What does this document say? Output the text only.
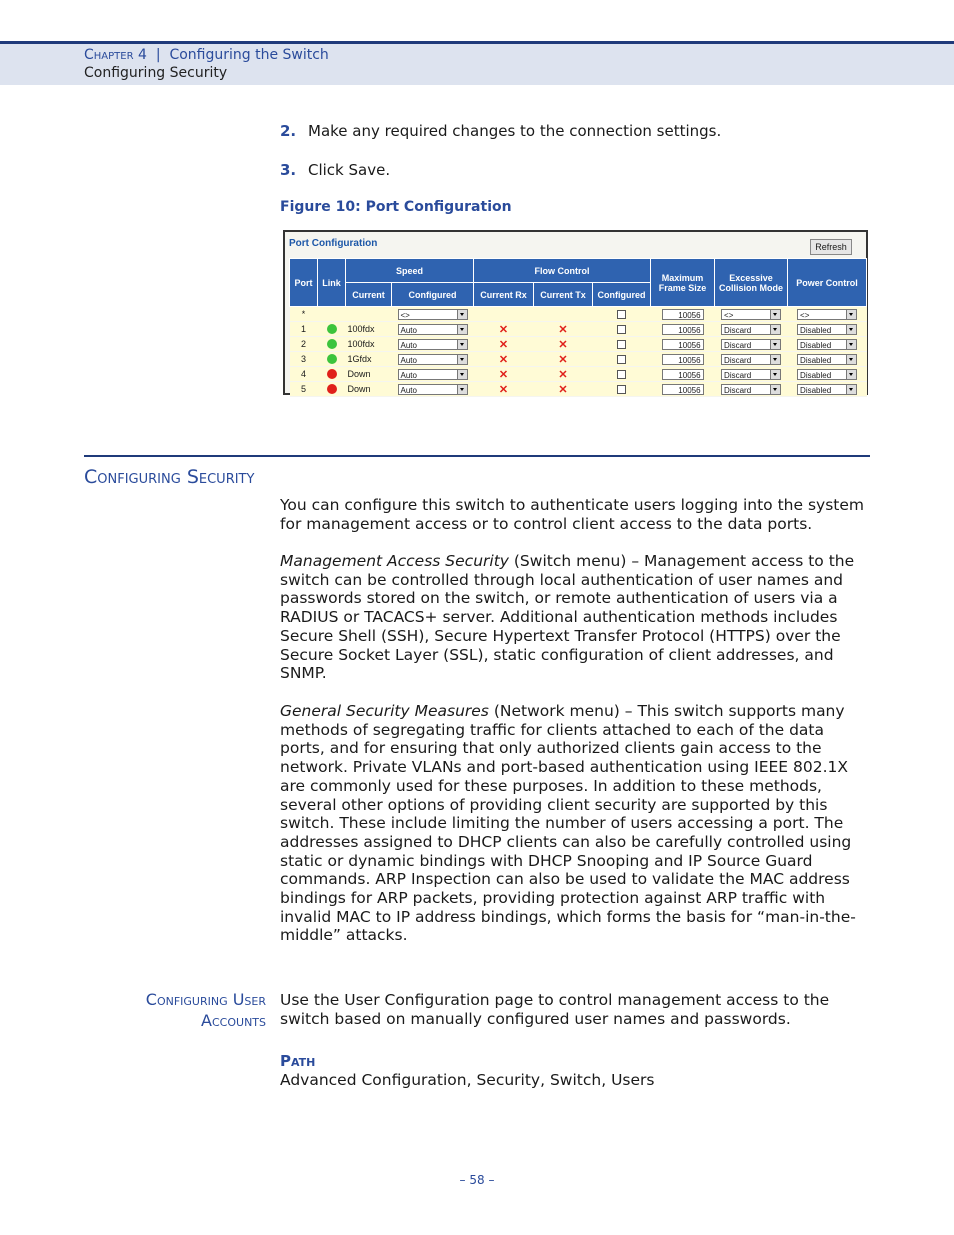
Chapter 4 | Configuring the Switch
Configuring Security
2. Make any required changes to the connection settings.
3. Click Save.
Figure 10: Port Configuration
Port Configuration	Refresh
Port	Link	Speed		Flow Control			Maximum Frame Size	Excessive Collision Mode	Power Control
		Current	Configured	Current Rx	Current Tx	Configured			
*			<>				10056	<>	<>

1		100fdx	Auto	✕	✕		10056	Discard	Disabled

2		100fdx	Auto	✕	✕		10056	Discard	Disabled

3		1Gfdx	Auto	✕	✕		10056	Discard	Disabled

4		Down	Auto	✕	✕		10056	Discard	Disabled

5		Down	Auto	✕	✕		10056	Discard	Disabled
Configuring Security
You can configure this switch to authenticate users logging into the system for management access or to control client access to the data ports.
Management Access Security (Switch menu) – Management access to the switch can be controlled through local authentication of user names and passwords stored on the switch, or remote authentication of users via a RADIUS or TACACS+ server. Additional authentication methods includes Secure Shell (SSH), Secure Hypertext Transfer Protocol (HTTPS) over the Secure Socket Layer (SSL), static configuration of client addresses, and SNMP.
General Security Measures (Network menu) – This switch supports many methods of segregating traffic for clients attached to each of the data ports, and for ensuring that only authorized clients gain access to the network. Private VLANs and port-based authentication using IEEE 802.1X are commonly used for these purposes. In addition to these methods, several other options of providing client security are supported by this switch. These include limiting the number of users accessing a port. The addresses assigned to DHCP clients can also be carefully controlled using static or dynamic bindings with DHCP Snooping and IP Source Guard commands. ARP Inspection can also be used to validate the MAC address bindings for ARP packets, providing protection against ARP traffic with invalid MAC to IP address bindings, which forms the basis for “man-in-the-middle” attacks.
Configuring User
Accounts
Use the User Configuration page to control management access to the switch based on manually configured user names and passwords.
Path
Advanced Configuration, Security, Switch, Users
– 58 –
